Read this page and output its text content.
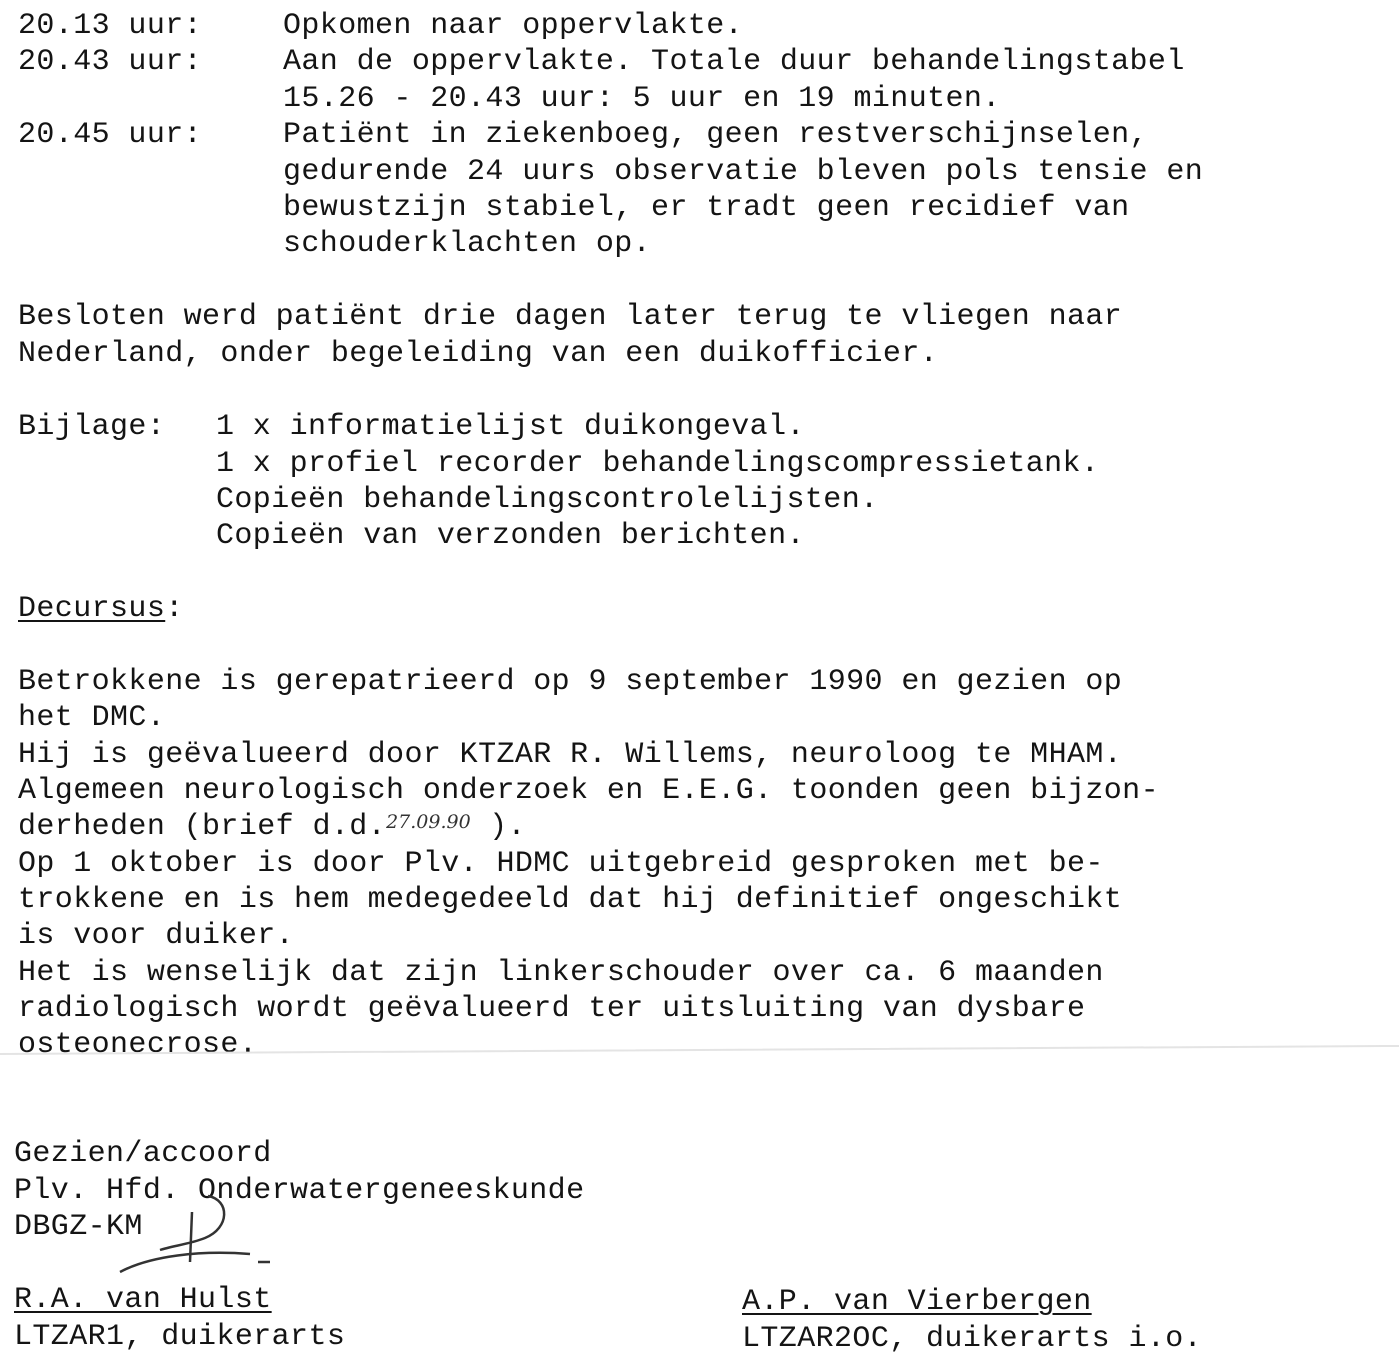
20.13 uur:	Opkomen naar oppervlakte.
20.43 uur:	Aan de oppervlakte. Totale duur behandelingstabel
15.26 - 20.43 uur: 5 uur en 19 minuten.
20.45 uur:	Patiënt in ziekenboeg, geen restverschijnselen,
gedurende 24 uurs observatie bleven pols tensie en
bewustzijn stabiel, er tradt geen recidief van
schouderklachten op.
Besloten werd patiënt drie dagen later terug te vliegen naar
Nederland, onder begeleiding van een duikofficier.
Bijlage: 1 x informatielijst duikongeval.
1 x profiel recorder behandelingscompressietank.
Copieën behandelingscontrolelijsten.
Copieën van verzonden berichten.
Decursus:
Betrokkene is gerepatrieerd op 9 september 1990 en gezien op
het DMC.
Hij is geëvalueerd door KTZAR R. Willems, neuroloog te MHAM.
Algemeen neurologisch onderzoek en E.E.G. toonden geen bijzon-
derheden (brief d.d.$^{27.09.90}$ ).
Op 1 oktober is door Plv. HDMC uitgebreid gesproken met be-
trokkene en is hem medegedeeld dat hij definitief ongeschikt
is voor duiker.
Het is wenselijk dat zijn linkerschouder over ca. 6 maanden
radiologisch wordt geëvalueerd ter uitsluiting van dysbare
osteonecrose.
Gezien/accoord
Plv. Hfd. Onderwatergeneeskunde
DBGZ-KM
R.A. van Hulst
LTZAR1, duikerarts
A.P. van Vierbergen
LTZAR2OC, duikerarts i.o.
